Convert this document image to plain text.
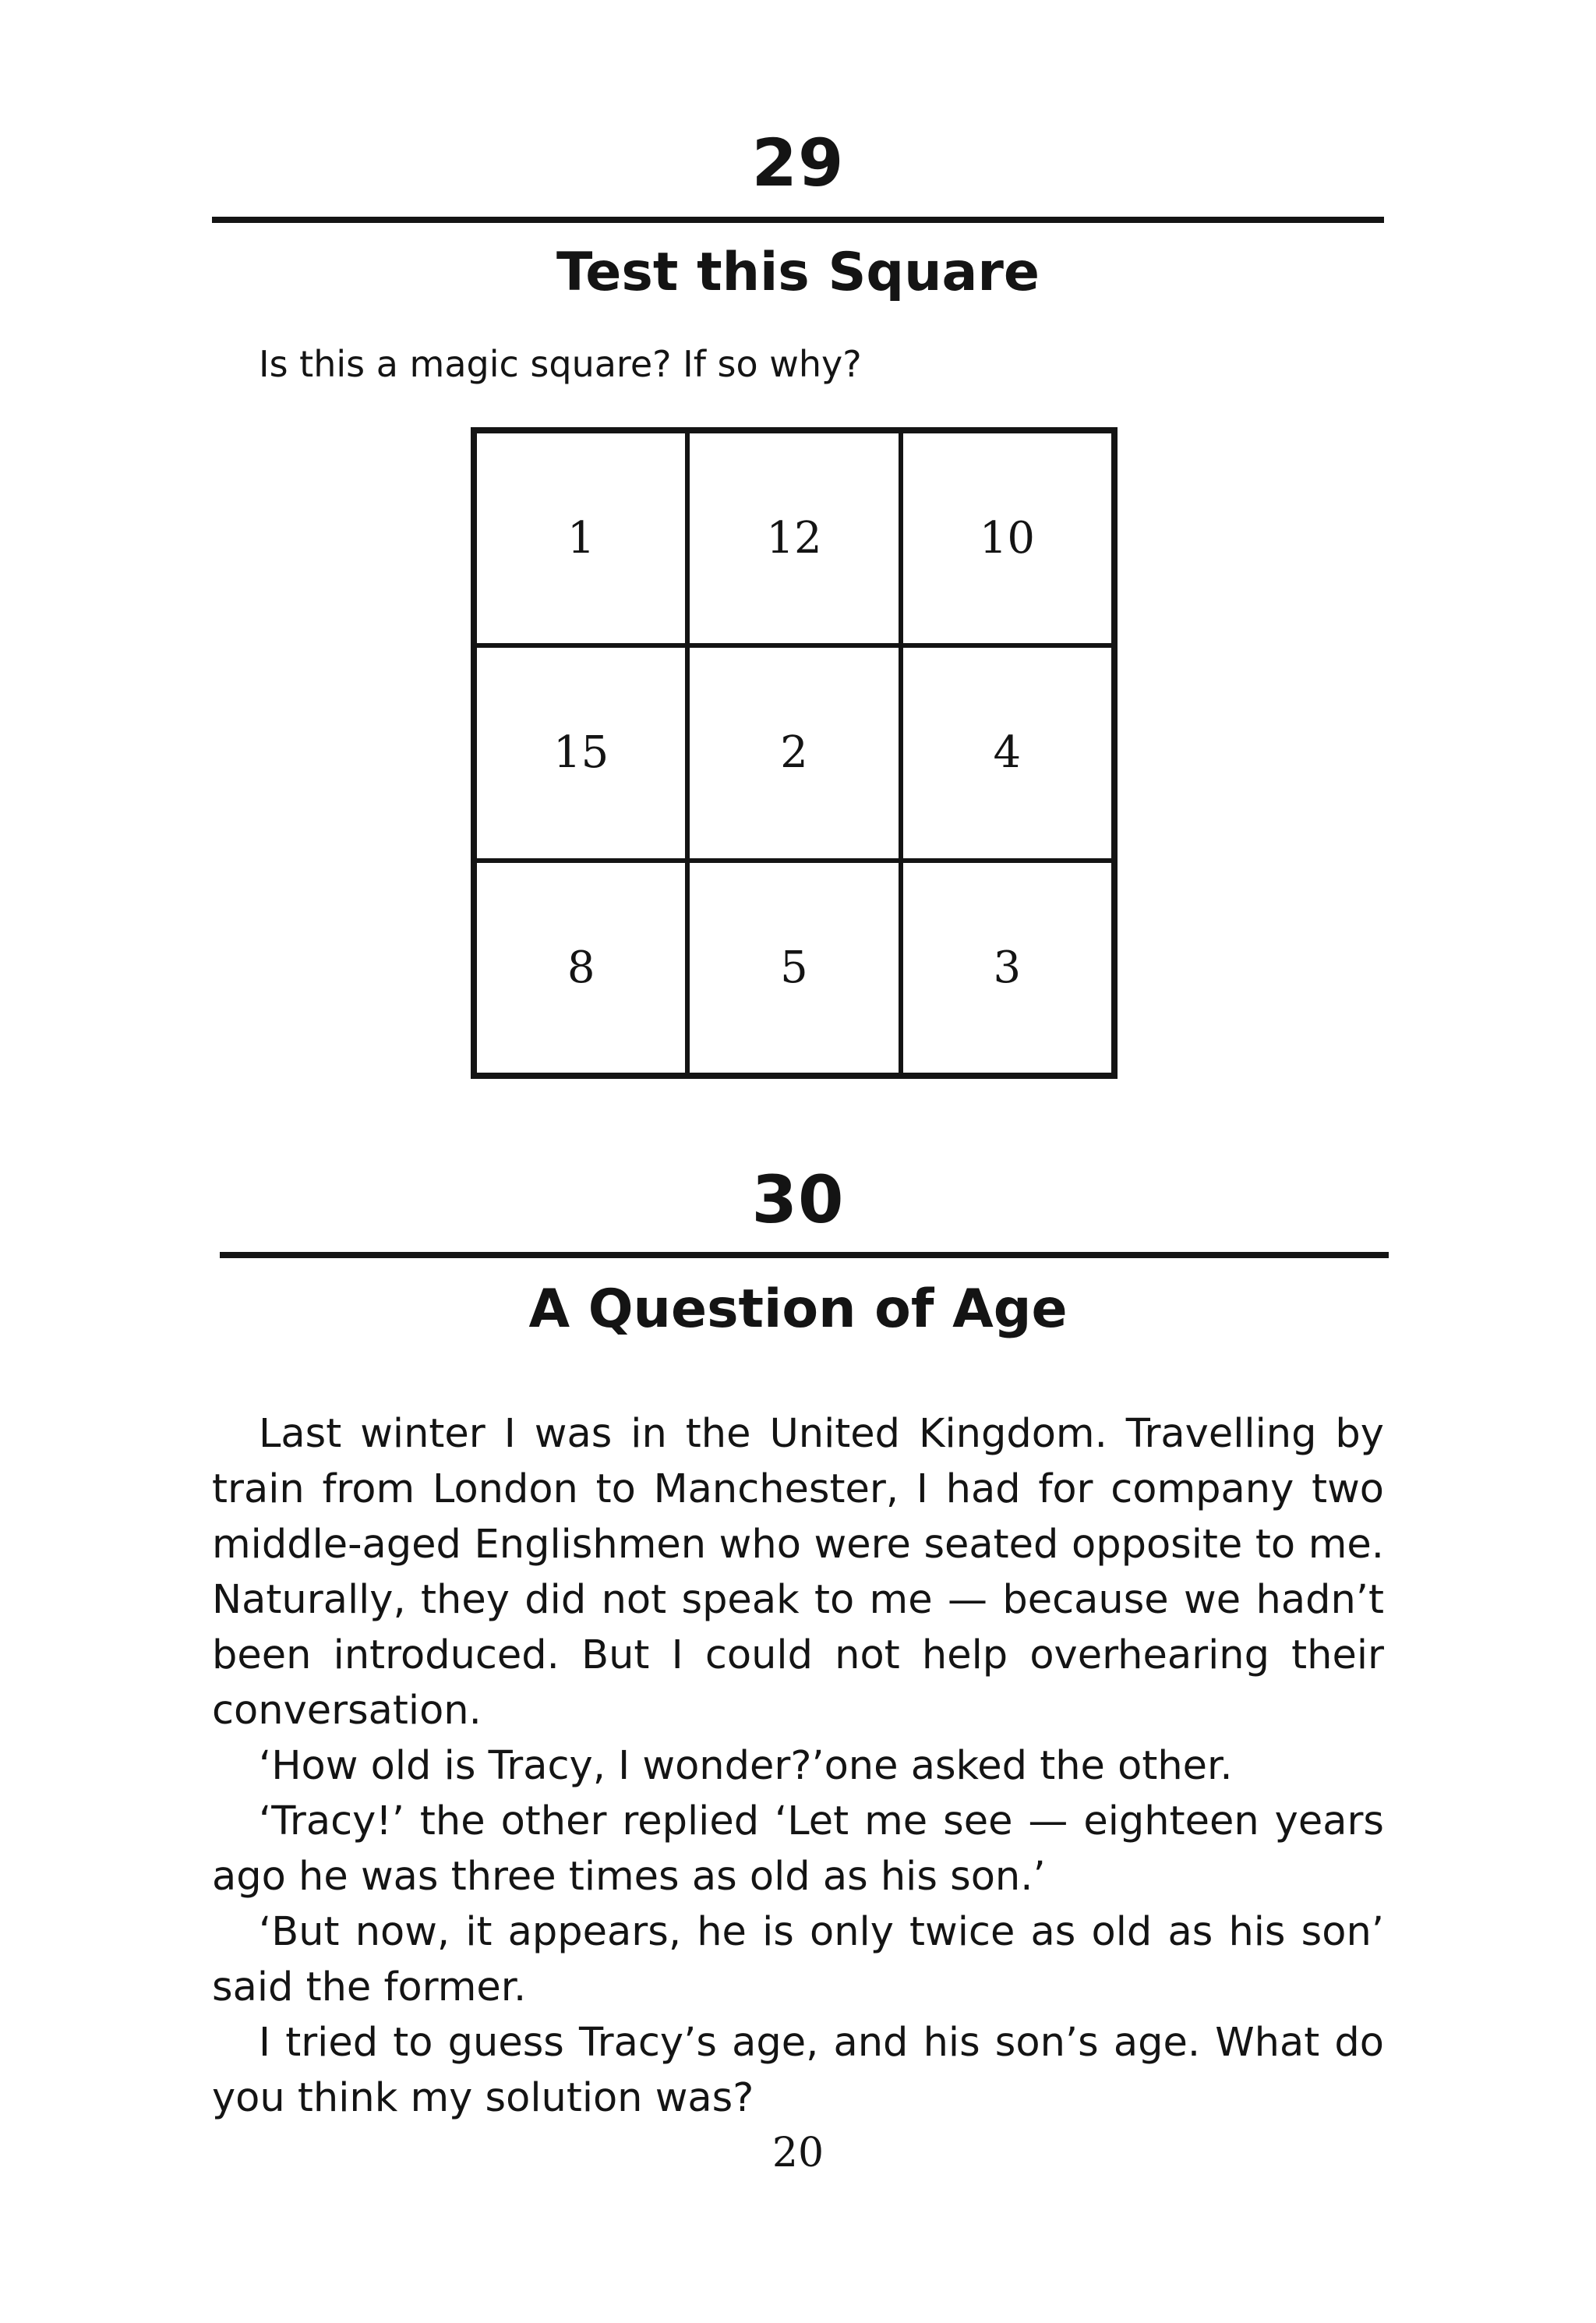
29
Test this Square
Is this a magic square? If so why?
1	12	10
15	2	4
8	5	3
30
A Question of Age

Last winter I was in the United Kingdom. Travelling by train from London to Manchester, I had for company two middle-aged Englishmen who were seated opposite to me. Naturally, they did not speak to me — because we hadn’t been introduced. But I could not help overhearing their conversation.

‘How old is Tracy, I wonder?’one asked the other.

‘Tracy!’ the other replied ‘Let me see — eighteen years ago he was three times as old as his son.’

‘But now, it appears, he is only twice as old as his son’ said the former.

I tried to guess Tracy’s age, and his son’s age. What do you think my solution was?

20
